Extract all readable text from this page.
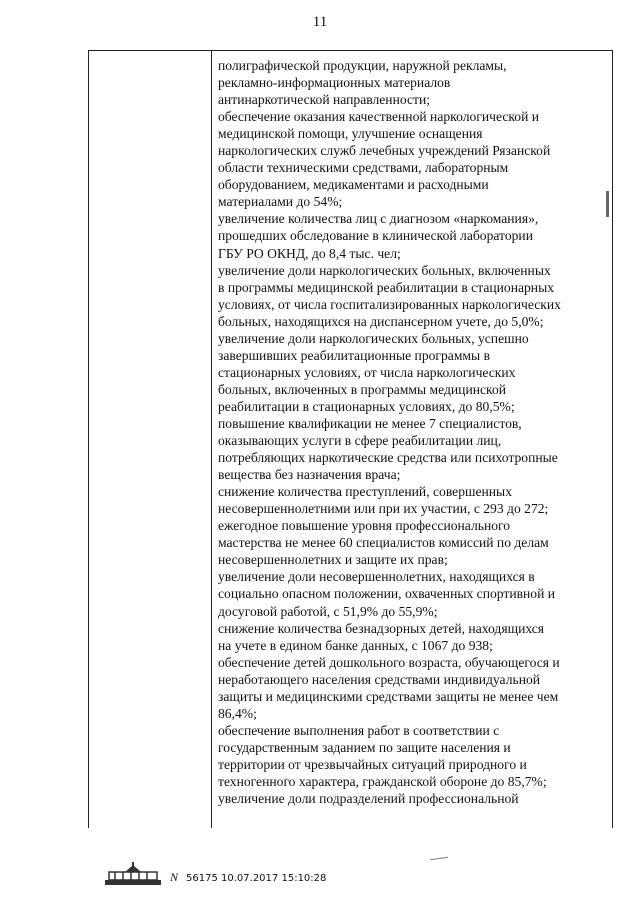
11
полиграфической продукции, наружной рекламы,
рекламно-информационных материалов
антинаркотической направленности;
обеспечение оказания качественной наркологической и
медицинской помощи, улучшение оснащения
наркологических служб лечебных учреждений Рязанской
области техническими средствами, лабораторным
оборудованием, медикаментами и расходными
материалами до 54%;
увеличение количества лиц с диагнозом «наркомания»,
прошедших обследование в клинической лаборатории
ГБУ РО ОКНД, до 8,4 тыс. чел;
увеличение доли наркологических больных, включенных
в программы медицинской реабилитации в стационарных
условиях, от числа госпитализированных наркологических
больных, находящихся на диспансерном учете, до 5,0%;
увеличение доли наркологических больных, успешно
завершивших реабилитационные программы в
стационарных условиях, от числа наркологических
больных, включенных в программы медицинской
реабилитации в стационарных условиях, до 80,5%;
повышение квалификации не менее 7 специалистов,
оказывающих услуги в сфере реабилитации лиц,
потребляющих наркотические средства или психотропные
вещества без назначения врача;
снижение количества преступлений, совершенных
несовершеннолетними или при их участии, с 293 до 272;
ежегодное повышение уровня профессионального
мастерства не менее 60 специалистов комиссий по делам
несовершеннолетних и защите их прав;
увеличение доли несовершеннолетних, находящихся в
социально опасном положении, охваченных спортивной и
досуговой работой, с 51,9% до 55,9%;
снижение количества безнадзорных детей, находящихся
на учете в едином банке данных, с 1067 до 938;
обеспечение детей дошкольного возраста, обучающегося и
неработающего населения средствами индивидуальной
защиты и медицинскими средствами защиты не менее чем
86,4%;
обеспечение выполнения работ в соответствии с
государственным заданием по защите населения и
территории от чрезвычайных ситуаций природного и
техногенного характера, гражданской обороне до 85,7%;
увеличение доли подразделений профессиональной
N 56175 10.07.2017 15:10:28
